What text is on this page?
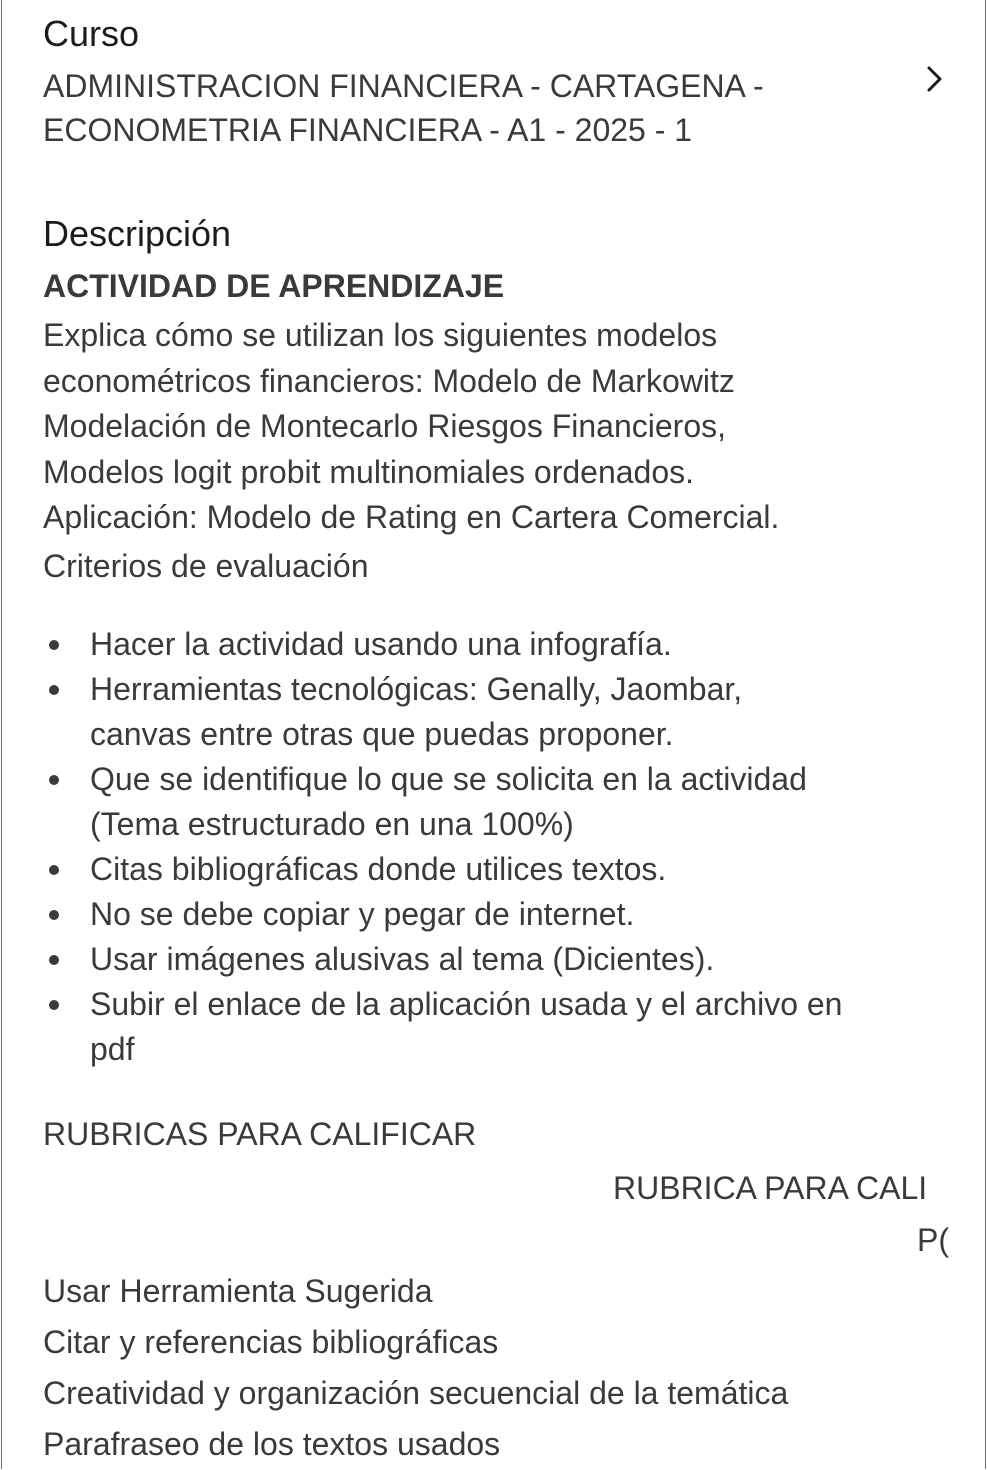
Curso
ADMINISTRACION FINANCIERA - CARTAGENA -
ECONOMETRIA FINANCIERA - A1 - 2025 - 1
Descripción
ACTIVIDAD DE APRENDIZAJE
Explica cómo se utilizan los siguientes modelos
econométricos financieros: Modelo de Markowitz
Modelación de Montecarlo Riesgos Financieros,
Modelos logit probit multinomiales ordenados.
Aplicación: Modelo de Rating en Cartera Comercial.
Criterios de evaluación
Hacer la actividad usando una infografía.
Herramientas tecnológicas: Genally, Jaombar,
canvas entre otras que puedas proponer.
Que se identifique lo que se solicita en la actividad
(Tema estructurado en una 100%)
Citas bibliográficas donde utilices textos.
No se debe copiar y pegar de internet.
Usar imágenes alusivas al tema (Dicientes).
Subir el enlace de la aplicación usada y el archivo en
pdf
RUBRICAS PARA CALIFICAR
RUBRICA PARA CALI
P(
Usar Herramienta Sugerida
Citar y referencias bibliográficas
Creatividad y organización secuencial de la temática
Parafraseo de los textos usados
